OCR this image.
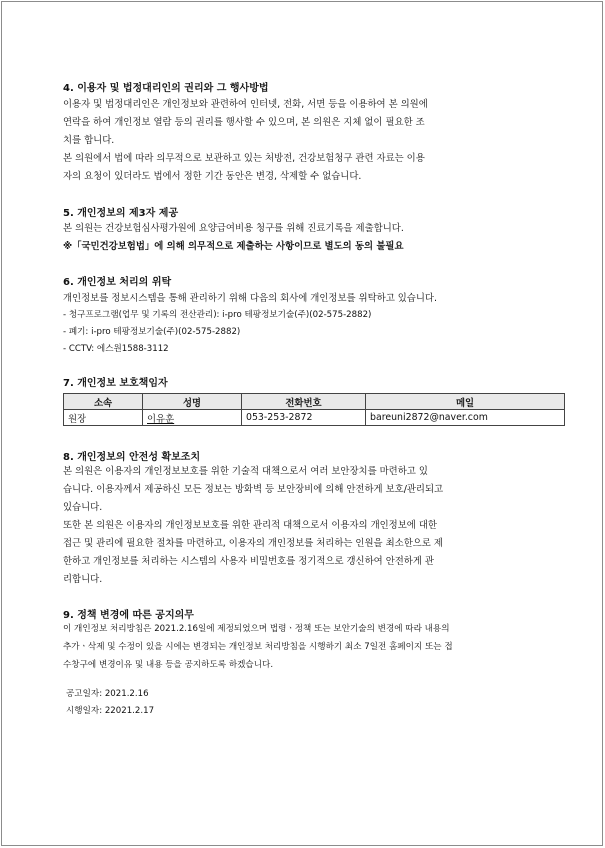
4. 이용자 및 법정대리인의 권리와 그 행사방법
이용자 및 법정대리인은 개인정보와 관련하여 인터넷, 전화, 서면 등을 이용하여 본 의원에
연락을 하여 개인정보 열람 등의 권리를 행사할 수 있으며, 본 의원은 지체 없이 필요한 조
치를 합니다.
본 의원에서 법에 따라 의무적으로 보관하고 있는 처방전, 건강보험청구 관련 자료는 이용
자의 요청이 있더라도 법에서 정한 기간 동안은 변경, 삭제할 수 없습니다.
5. 개인정보의 제3자 제공
본 의원는 건강보험심사평가원에 요양급여비용 청구를 위해 진료기록을 제출합니다.
※「국민건강보험법」에 의해 의무적으로 제출하는 사항이므로 별도의 동의 불필요
6. 개인정보 처리의 위탁
개인정보를 정보시스템을 통해 관리하기 위해 다음의 회사에 개인정보를 위탁하고 있습니다.
- 청구프로그램(업무 및 기록의 전산관리): i-pro 테팡정보기술(주)(02-575-2882)
- 폐기: i-pro 테팡정보기술(주)(02-575-2882)
- CCTV: 에스원1588-3112
7. 개인정보 보호책임자
소속	성명	전화번호	메일
원장	이유훈	053-253-2872	bareuni2872@naver.com
8. 개인정보의 안전성 확보조치
본 의원은 이용자의 개인정보보호를 위한 기술적 대책으로서 여러 보안장치를 마련하고 있
습니다. 이용자께서 제공하신 모든 정보는 방화벽 등 보안장비에 의해 안전하게 보호/관리되고
있습니다.
또한 본 의원은 이용자의 개인정보보호를 위한 관리적 대책으로서 이용자의 개인정보에 대한
접근 및 관리에 필요한 절차를 마련하고, 이용자의 개인정보를 처리하는 인원을 최소한으로 제
한하고 개인정보를 처리하는 시스템의 사용자 비밀번호를 정기적으로 갱신하여 안전하게 관
리합니다.
9. 정책 변경에 따른 공지의무
이 개인정보 처리방침은 2021.2.16일에 제정되었으며 법령ㆍ정책 또는 보안기술의 변경에 따라 내용의
추가ㆍ삭제 및 수정이 있을 시에는 변경되는 개인정보 처리방침을 시행하기 최소 7일전 홈페이지 또는 접
수창구에 변경이유 및 내용 등을 공지하도록 하겠습니다.
공고일자: 2021.2.16
시행일자: 22021.2.17
